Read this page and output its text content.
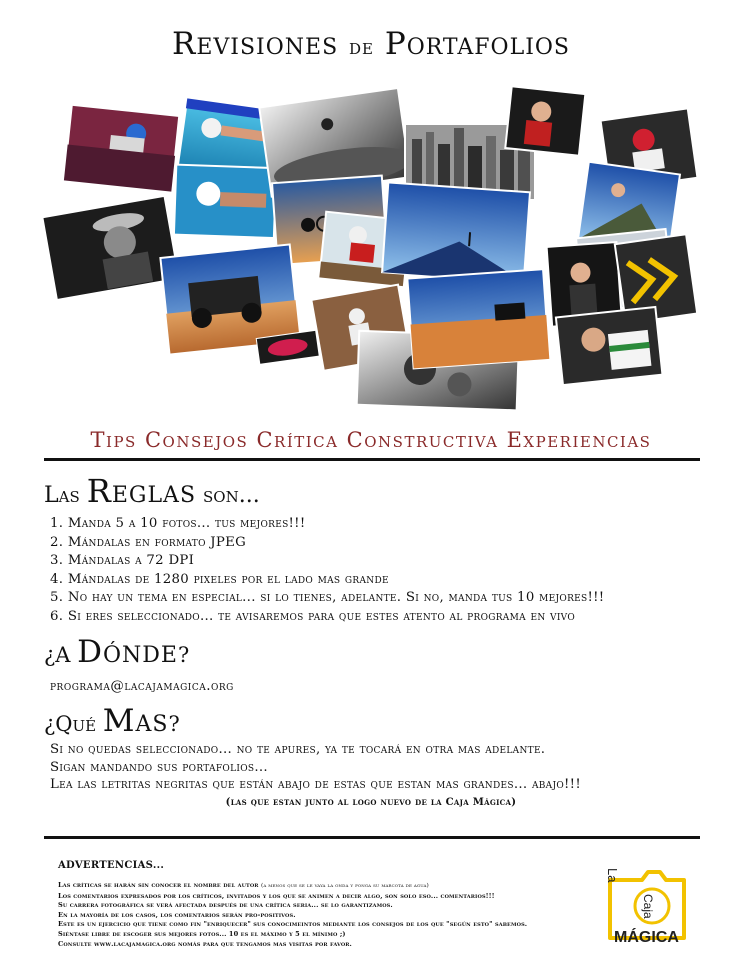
Revisiones de Portafolios
Tips Consejos Crítica Constructiva Experiencias
Las Reglas son...
1. Manda 5 a 10 fotos... tus mejores!!!
2. Mándalas en formato JPEG
3. Mándalas a 72 DPI
4. Mándalas de 1280 pixeles por el lado mas grande
5. No hay un tema en especial... si lo tienes, adelante. Si no, manda tus 10 mejores!!!
6. Si eres seleccionado... te avisaremos para que estes atento al programa en vivo
¿A Dónde?
programa@lacajamagica.org
¿Qué Mas?
Si no quedas seleccionado... no te apures, ya te tocará en otra mas adelante.
Sigan mandando sus portafolios...
Lea las letritas negritas que están abajo de estas que estan mas grandes... abajo!!!
(las que estan junto al logo nuevo de la Caja Mágica)
ADVERTENCIAS...
Las críticas se harán sin conocer el nombre del autor (a menos que se le vaya la onda y ponga su marcota de agua)
Los comentarios expresados por los críticos, invitados y los que se animen a decir algo, son solo eso... comentarios!!!
Su carrera fotográfica se verá afectada después de una crítica seria... se lo garantizamos.
En la mayoría de los casos, los comentarios serán pro-positivos.
Este es un ejercicio que tiene como fin "enriquecer" sus conocimeintos mediante los consejos de los que "según esto" sabemos.
Siéntase libre de escoger sus mejores fotos... 10 es el máximo y 5 el mínimo ;)
Consulte www.lacajamagica.org nomás para que tengamos mas visitas por favor.
La
Caja
MÁGICA
